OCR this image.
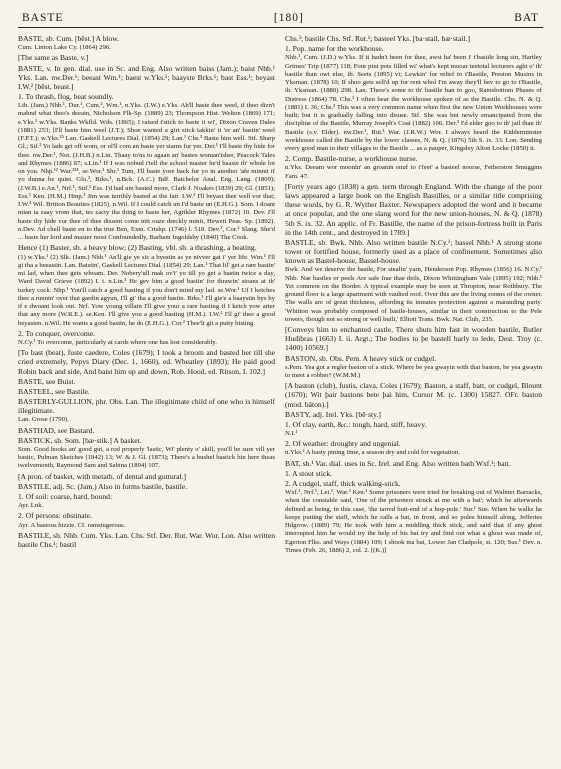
BASTE	[180]	BAT

BASTE, sb. Cum. [bēst.] A blow.

Cum. Linton Lake Cy. (1864) 296.

[The same as Baste, v.]

BASTE, v. In gen. dial. use in Sc. and Eng. Also written baiss (Jam.); baist Nhb.¹ Yks. Lan. nw.Der.¹; beeast Wm.¹; baest w.Yks.¹; baayste Brks.¹; bast Ess.¹; beyast I.W.² [bēst, beast.]

1. To thrash, flog, beat soundly.

Lth. (Jam.) Nhb.¹, Dur.¹, Cum.², Wm.¹, n.Yks. (I.W.) e.Yks. Ah'll baste thee weel, if thoo dizn't mahnd what thoo's deeain, Nicholson Flk-Sp. (1889) 23; Thompson Hist. Welton (1869) 171; e.Yks.¹ w.Yks. Banks Wkfld. Wds. (1865); I raised t'stick to baste it wi', Dixon Craven Dales (1881) 253; [I'll baste him weel (J.T.); Shoe wanted a girt stick takkin' ti 'er an' bastin' weel (F.P.T.); w.Yks.²⁵ Lan. Gaskell Lectures Dial. (1854) 29; Lan.¹ Chs.³ Baste him well. Stf. Sharp Gl.; Stf.² Yo lads get off wom, or ol'll com an baste yer starns fur yer. Der.¹ I'll baste thy hide for thee. nw.Der.¹, Not. (J.H.B.) n.Lin. Thaay to'ns to agaan an' bastes woman'isher, Peacock Tales and Rhymes (1886) 87; s.Lin.¹ If I was nobud t'tell the school master he'd baaste th' whole lot on you. Nhp.¹² War.²³⁴, se.Wor.¹ Shr.¹ Tum, I'll baste yore back fur yo in another 'afe minnit if yo dunna be quiet. Glo.², Brks.¹, n.Bck. (A.C.) Bdf. Batchelor Anal. Eng. Lang. (1809); (J.W.B.) e.An.¹, Nrf.¹, Suf.¹ Ess. I'd had um basted more, Clark J. Noakes (1839) 29; Gl. (1851); Ess.¹ Ken. (H.M.) Hmp.¹ Jim was terribly basted at the fair. I.W.¹ I'll beyast thee well vor that; I.W.² Wil. Britton Beauties (1825). n.Wil. If I could catch un I'd baste un (E.H.G.). Som. I doant mian ta zaay vrom that, tes zacty tha thing to baste her, Agrikler Rhymes (1872) 10. Dev. I'll baste thy hide vur thee of thee dissent come intt ouze dreckly minit, Hewett Peas. Sp. (1892). n.Dev. Ad chell baste en to tha true Ben, Exm. Crtshp. (1746) l. 518. Dev.³, Cor.² Slang. She'd ... baste her lord and master most Confoundedly, Barham Ingoldsby (1840) The Cook.

Hence (1) Baster, sb. a heavy blow; (2) Basting, vbl. sb. a thrashing, a beating.

(1) w.Yks.¹ (2) Slk. (Jam.) Nhb.¹ An'll gie ye sic a byestin as ye nivver gat i' yer life. Wm.¹ I'll gi tha a beeastin. Lan. Baistin', Gaskell Lectures Dial. (1854) 29; Lan.¹ That lil' get a rare bastin' mi lad, when thee gets whoam. Der. Nobery'ull mak ov't' yo till yo get a bastin twice a day, Ward David Grieve (1892) I. i. n.Lin.¹ He gev him a good bastin' for thrawin' stoans at th' turkey cock. Nhp.¹ You'll catch a good basting if you don't mind my lad. se.Wor.¹ Uf I ketches thee a runnin' over that gardin agyun, I'll gi' tha a good bastin. Brks.¹ I'll gie'e a baaystin bys by if e dwoant look out. Nrf. Yow young villain I'll give your a rare basting if I ketch yow arter that any more (W.R.E.). se.Ken. I'll give you a good basting (H.M.). I.W.² I'll gi' thee a good beyasten. n.Wil. He wants a good bastin, he do (E.H.G.). Cor.² Thee'lt git a putty bisting.

2. To conquer, overcome.

N.Cy.¹ To overcome, particularly at cards where one has lost considerably.

[To bast (beat), fuste caedere, Coles (1679); I took a broom and basted her till she cried extremely, Pepys Diary (Dec. 1, 1660), ed. Wheatley (1893); He paid good Robin back and side, And baist him up and down, Rob. Hood, ed. Ritson, I. 102.]

BASTE, see Buist.

BASTEEL, see Bastile.

BASTERLY-GULLION, phr. Obs. Lan. The illegitimate child of one who is himself illegitimate.

Lan. Grose (1790).

BASTHAD, see Bastard.

BASTICK, sb. Som. [bæ·stik.] A basket.

Som. Good hooks an' good gut, a rod properly 'lastic, Wi' plenty o' skill, you'll be sure vill yer bastic, Pulman Sketches (1842) 13; W. & J. Gl. (1873); There's a bushel bastick bin here theas twelvemonth, Raymond Sam and Sabina (1894) 107.

[A pron. of basket, with metath. of dental and guttural.]

BASTILE, adj. Sc. (Jam.) Also in forms bastile, bastile.

1. Of soil: coarse, hard, bound:

Ayr. Lnk.

2. Of persons: obstinate.

Ayr. A bastous hizzie. Cf. ramstugerous.

BASTILE, sb. Nhb. Cum. Yks. Lan. Chs. Stf. Der. Rut. War. Wor. Lon. Also written bastile Chs.¹; bastil

Chs.³; bastile Chs. Stf. Rut.¹; basteel Yks. [ba·stail, bæ·stail.]

1. Pop. name for the workhouse.

Nhb.¹, Cum. (J.D.) w.Yks. If it hadn't been for thee, awst ha' been i' t'bastile long sin, Hartley Grimes' Trip (1877) 118; Four pint pots filled wi' what's kept mooar teetotal lecturers aght o' th' bastile than owt else, ib. Seets (1895) vi; Lewkin' for relief to t'Bastile, Preston Musins in Yksman. (1878) 10; If shoo gets sell'd up for rent whol I'm away they'll hev to go to t'Bastile, ib. Yksman. (1880) 298. Lan. There's some to th' bastile han to goo, Ramsbottom Phases of Distress (1864) 78. Chs.¹ I often hear the workhouse spoken of as the Bastile. Chs. N. & Q. (1881) I. 36; Chs.³ This was a very common name when first the new Union Workhouses were built; but it is gradually falling into disuse. Stf. She was but newly emancipated from the discipline of the Bastile, Murray Joseph's Coat (1882) 106. Der.² I'd elder goo to th' jail than th' Bastile (s.v. Elder). nw.Der.¹, Rut.¹ War. (J.R.W.) Wor. I always heard the Kidderminster workhouse called the Bastile by the lower classes, N. & Q. (1876) 5th S. ix. 33. Lon. Sending every good man in their villages to the Bastile ... as a pauper, Kingsley Alton Locke (1850) ii.

2. Comp. Bastile-nurse, a workhouse nurse.

n.Yks. Deeam wor moonin' an groanin enuf to t'feet' a basteel noorse, Fetherston Smuggins Fam. 47.

[Forty years ago (1838) a gen. term through England. With the change of the poor laws appeared a large book on the English Bastilles, or a similar title comprising these words, by G. R. Wyther Baxter. Newspapers adopted the word and it became at once popular, and the one slang word for the new union-houses, N. & Q. (1878) 5th S. ix. 32. An applic. of Fr. Bastille, the name of the prison-fortress built in Paris in the 14th cent., and destroyed in 1789.]

BASTLE, sb. Bwk. Nhb. Also written bastile N.Cy.¹; bassel Nhb.¹ A strong stone tower or fortified house, formerly used as a place of confinement. Sometimes also known as Bastel-house, Bassel-house.

Bwk. And we deserve the bastle, For stealin' yarn, Henderson Pop. Rhymes (1856) 16. N.Cy.¹ Nhb. Nae bastles or peels Are safe frae thae deils, Dixon Whittingham Vale (1895) 192; Nhb.¹ Yet common on the Border. A typical example may be seen at Thropton, near Rothbury. The ground floor is a large apartment with vaulted roof. Over this are the living rooms of the owner. The walls are of great thickness, affording its inmates protection against a marauding party. 'Whitton was probably composed of bastle-houses, similar in their construction to the Pele towers, though not so strong or well built,' Elliott Trans. Bwk. Nat. Club, 235.

[Conveys him to enchanted castle, There shuts him fast in wooden bastile, Butler Hudibras (1663) I. ii. Argt.; The bodies to þe bastell barly to lede, Dest. Troy (c. 1400) 10569.]

BASTON, sb. Obs. Pem. A heavy stick or cudgel.

s.Pem. Yea got a regler baston of a stick. Where be yea gwayin with that baston, be yea gwayin to meet a robber? (W.M.M.)

[A baston (club), fustis, clava, Coles (1679); Baston, a staff, batt, or cudgel, Blount (1670); Wit þair bastons bete þai him, Cursor M. (c. 1300) 15827. OFr. baston (mod. bâton).]

BASTY, adj. Irel. Yks. [bē·sty.]

1. Of clay, earth, &c.: tough, hard, stiff, heavy.

N.I.¹

2. Of weather: droughty and ungenial.

n.Yks.² A basty pining time, a season dry and cold for vegetation.

BAT, sb.¹ Var. dial. uses in Sc. Irel. and Eng. Also written bath Wxf.¹; batt.

1. A stout stick.

2. A cudgel, staff, thick walking-stick.

Wxf.¹, Nrf.¹, Lei.¹, War.³ Ken.¹ Some prisoners were tried for breaking out of Walmer Barracks, when the constable said, 'One of the prisoners struck at me with a bat'; which he afterwards defined as being, in this case, 'the tarred butt-end of a hop-pole.' Sur.¹ Sus. When he walks he keeps putting the staff, which he calls a bat, in front, and so poles himself along, Jefferies Hdgrow. (1889) 79; He took with him a middling thick stick, and said that if any ghost interrupted him he would try the help of his bat try and find out what a ghost was made of, Egerton Flks. and Ways (1884) 109; I shook ma bat, Lower Jan Cladpole, st. 120; Sus.¹ Dev. n. Times (Feb. 26, 1886) 2, col. 2. [(K.)]
